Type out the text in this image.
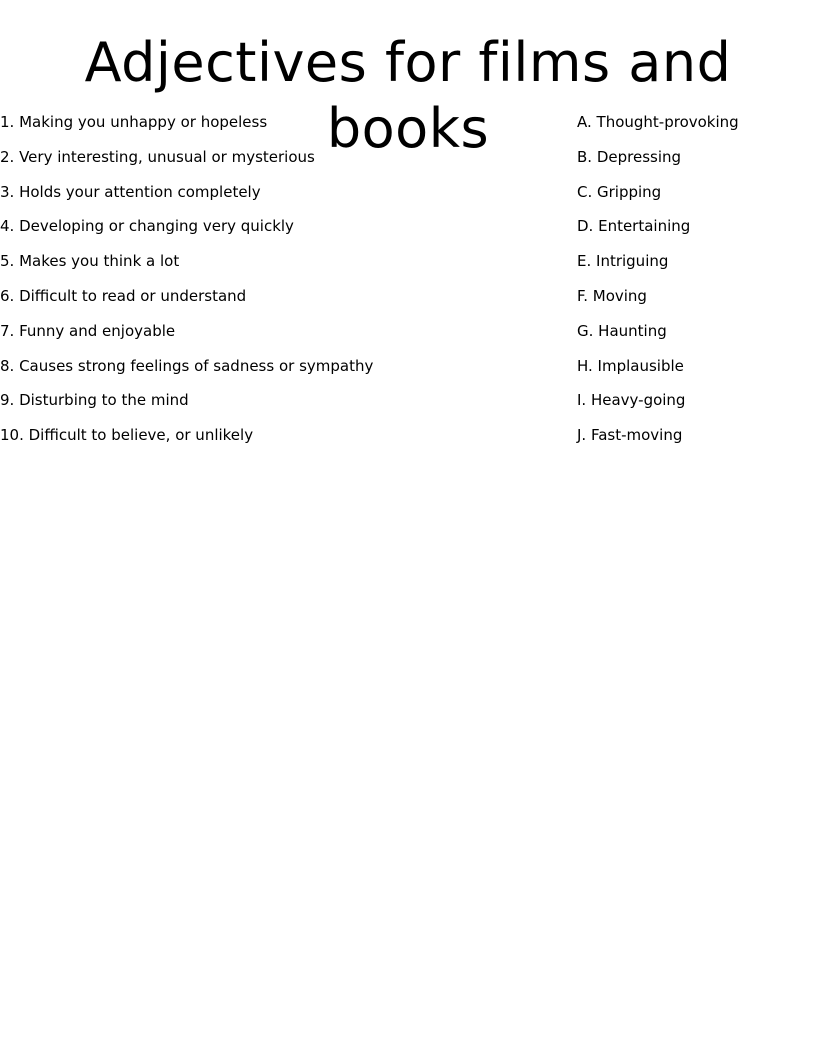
Adjectives for films and books
1. Making you unhappy or hopeless
2. Very interesting, unusual or mysterious
3. Holds your attention completely
4. Developing or changing very quickly
5. Makes you think a lot
6. Difficult to read or understand
7. Funny and enjoyable
8. Causes strong feelings of sadness or sympathy
9. Disturbing to the mind
10. Difficult to believe, or unlikely
A. Thought-provoking
B. Depressing
C. Gripping
D. Entertaining
E. Intriguing
F. Moving
G. Haunting
H. Implausible
I. Heavy-going
J. Fast-moving
